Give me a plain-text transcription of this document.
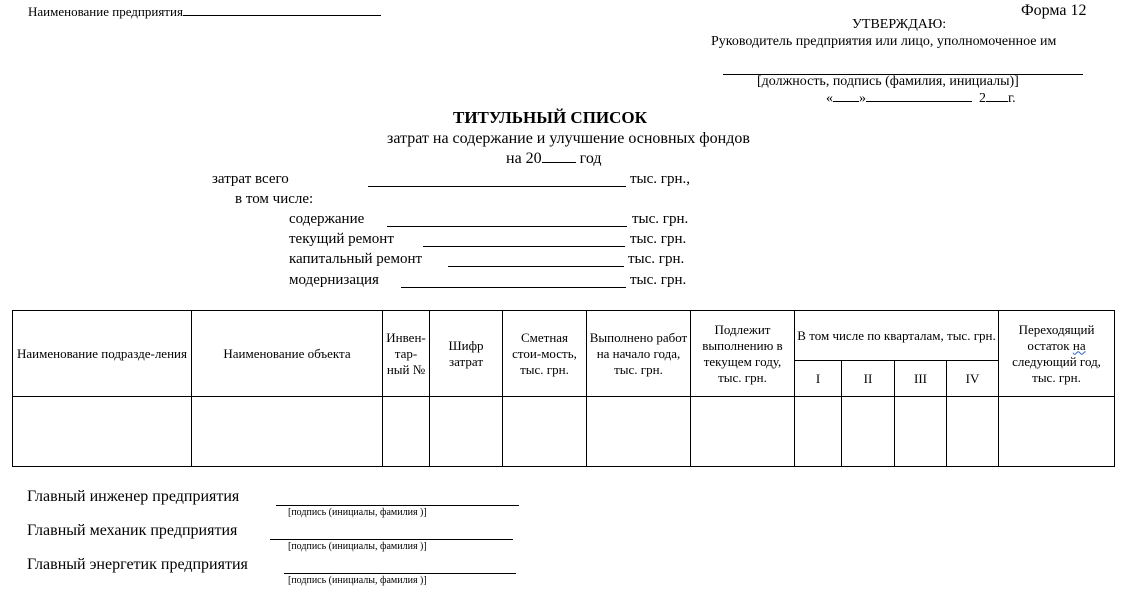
Наименование предприятия	Форма 12
УТВЕРЖДАЮ:
Руководитель предприятия или лицо, уполномоченное им
[должность, подпись (фамилия, инициалы)]
« »	2 г.
ТИТУЛЬНЫЙ СПИСОК
затрат на содержание и улучшение основных фондов
на 20 год
затрат всего	тыс. грн.,
в том числе:
содержание	тыс. грн.
текущий ремонт	тыс. грн.
капитальный ремонт	тыс. грн.
модернизация	тыс. грн.
Наименование подразде-ления	Наименование объекта	Инвен-тар-ный №	Шифр затрат	Сметная стои-мость, тыс. грн.	Выполнено работ на начало года, тыс. грн.	Подлежит выполнению в текущем году, тыс. грн.	В том числе по кварталам, тыс. грн.				Переходящий остаток на следующий год, тыс. грн.
							I	II	III	IV	

Главный инженер предприятия
[подпись (инициалы, фамилия )]
Главный механик предприятия
[подпись (инициалы, фамилия )]
Главный энергетик предприятия
[подпись (инициалы, фамилия )]
